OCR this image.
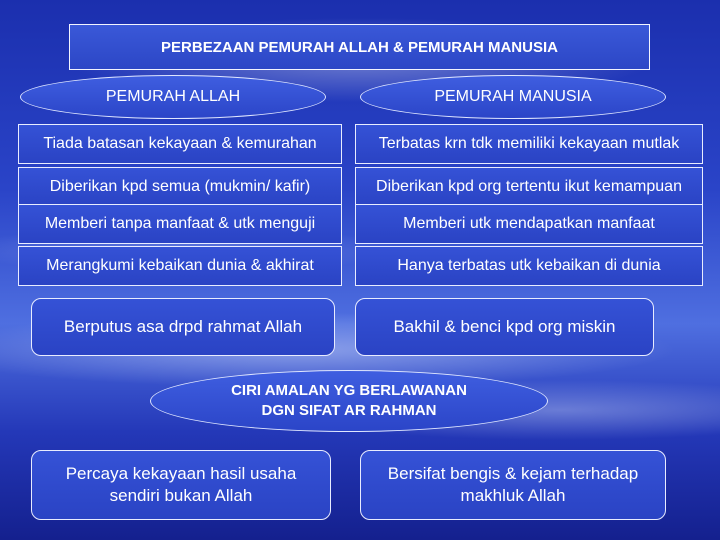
PERBEZAAN PEMURAH ALLAH & PEMURAH MANUSIA
PEMURAH ALLAH	PEMURAH MANUSIA
Tiada batasan kekayaan & kemurahan	Terbatas krn tdk memiliki kekayaan mutlak
Diberikan kpd semua (mukmin/ kafir)	Diberikan kpd org tertentu ikut kemampuan
Memberi tanpa manfaat & utk menguji	Memberi utk mendapatkan manfaat
Merangkumi kebaikan dunia & akhirat	Hanya terbatas utk kebaikan di dunia
Berputus asa drpd rahmat Allah	Bakhil & benci kpd org miskin
CIRI AMALAN YG BERLAWANAN
DGN SIFAT AR RAHMAN
Percaya kekayaan hasil usaha sendiri bukan Allah
Bersifat bengis & kejam terhadap makhluk Allah
